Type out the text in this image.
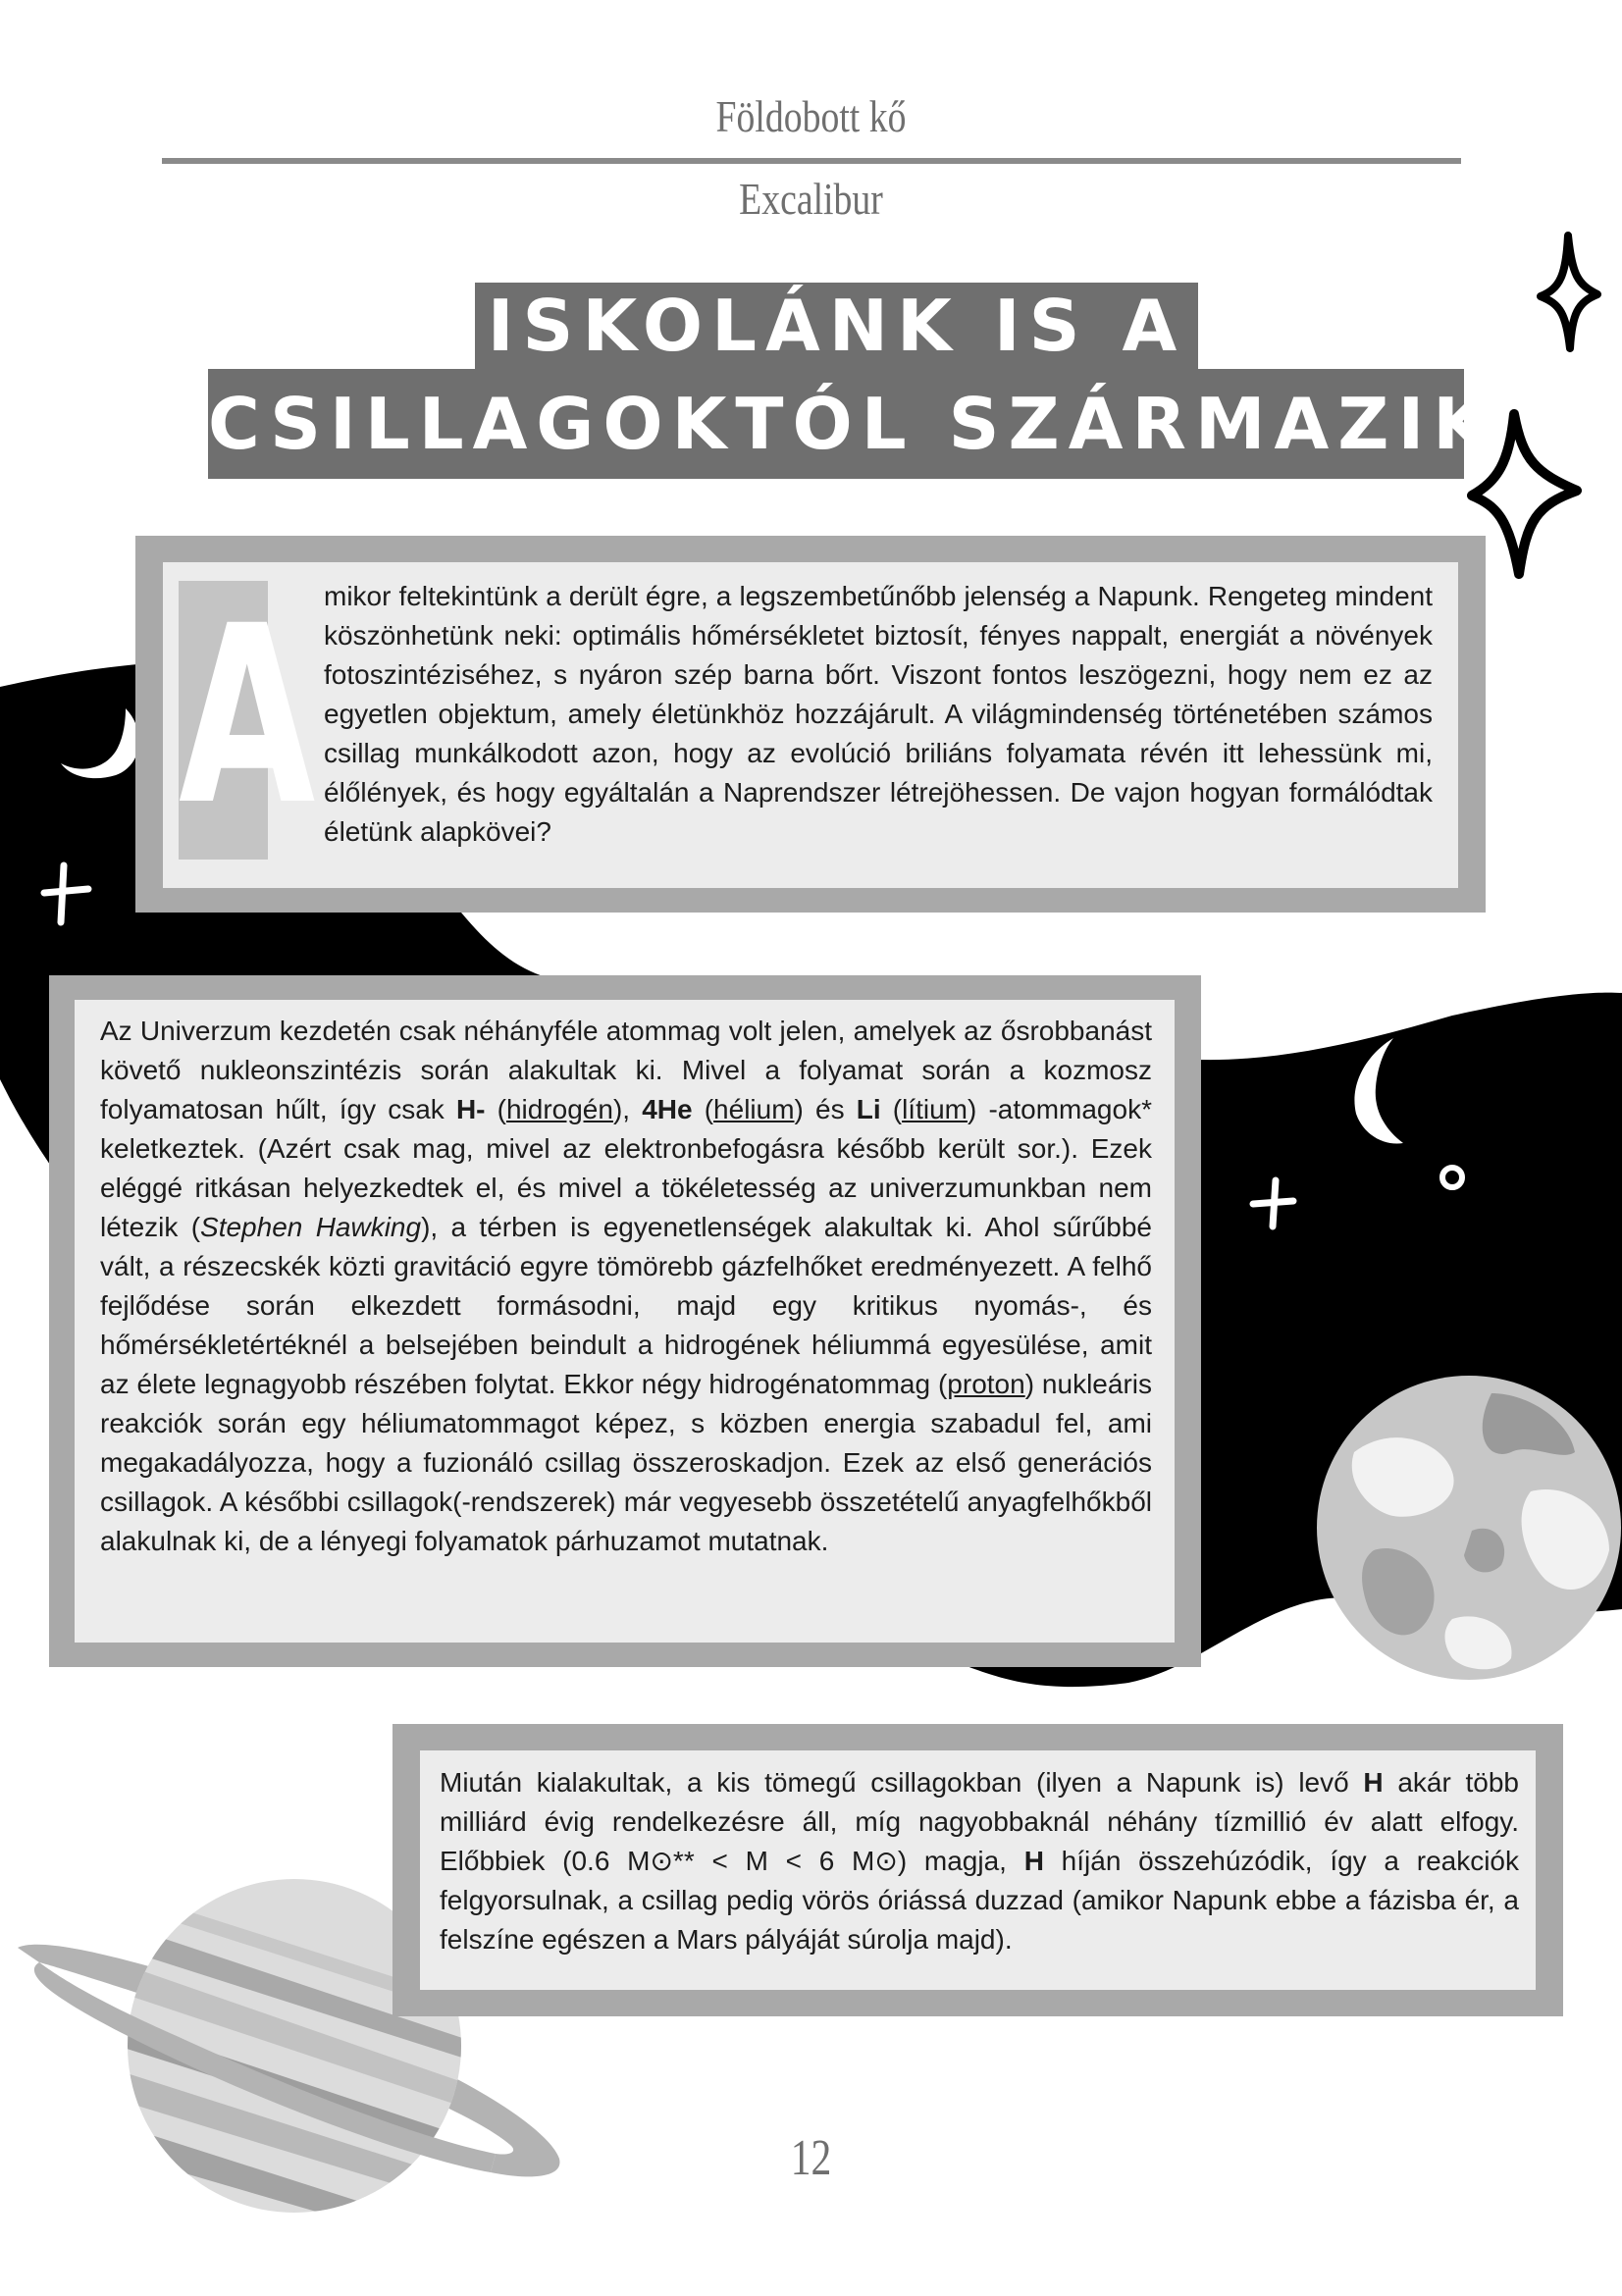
Földobott kő
Excalibur
ISKOLÁNK IS A
CSILLAGOKTÓL SZÁRMAZIK
A mikor feltekintünk a derült égre, a legszembetűnőbb jelenség a Napunk. Rengeteg mindent köszönhetünk neki: optimális hőmérsékletet biztosít, fényes nappalt, energiát a növények fotoszintéziséhez, s nyáron szép barna bőrt. Viszont fontos leszögezni, hogy nem ez az egyetlen objektum, amely életünkhöz hozzájárult. A világmindenség történetében számos csillag munkálkodott azon, hogy az evolúció briliáns folyamata révén itt lehessünk mi, élőlények, és hogy egyáltalán a Naprendszer létrejöhessen. De vajon hogyan formálódtak életünk alapkövei?
Az Univerzum kezdetén csak néhányféle atommag volt jelen, amelyek az ősrobbanást követő nukleonszintézis során alakultak ki. Mivel a folyamat során a kozmosz folyamatosan hűlt, így csak H- (hidrogén), 4He (hélium) és Li (lítium) -atommagok* keletkeztek. (Azért csak mag, mivel az elektronbefogásra később került sor.). Ezek eléggé ritkásan helyezkedtek el, és mivel a tökéletesség az univerzumunkban nem létezik (Stephen Hawking), a térben is egyenetlenségek alakultak ki. Ahol sűrűbbé vált, a részecskék közti gravitáció egyre tömörebb gázfelhőket eredményezett. A felhő fejlődése során elkezdett formásodni, majd egy kritikus nyomás-, és hőmérsékletértéknél a belsejében beindult a hidrogének héliummá egyesülése, amit az élete legnagyobb részében folytat. Ekkor négy hidrogénatommag (proton) nukleáris reakciók során egy héliumatommagot képez, s közben energia szabadul fel, ami megakadályozza, hogy a fuzionáló csillag összeroskadjon. Ezek az első generációs csillagok. A későbbi csillagok(-rendszerek) már vegyesebb összetételű anyagfelhőkből alakulnak ki, de a lényegi folyamatok párhuzamot mutatnak.
Miután kialakultak, a kis tömegű csillagokban (ilyen a Napunk is) levő H akár több milliárd évig rendelkezésre áll, míg nagyobbaknál néhány tízmillió év alatt elfogy. Előbbiek (0.6 M⊙** < M < 6 M⊙) magja, H híján összehúzódik, így a reakciók felgyorsulnak, a csillag pedig vörös óriássá duzzad (amikor Napunk ebbe a fázisba ér, a felszíne egészen a Mars pályáját súrolja majd).
12
